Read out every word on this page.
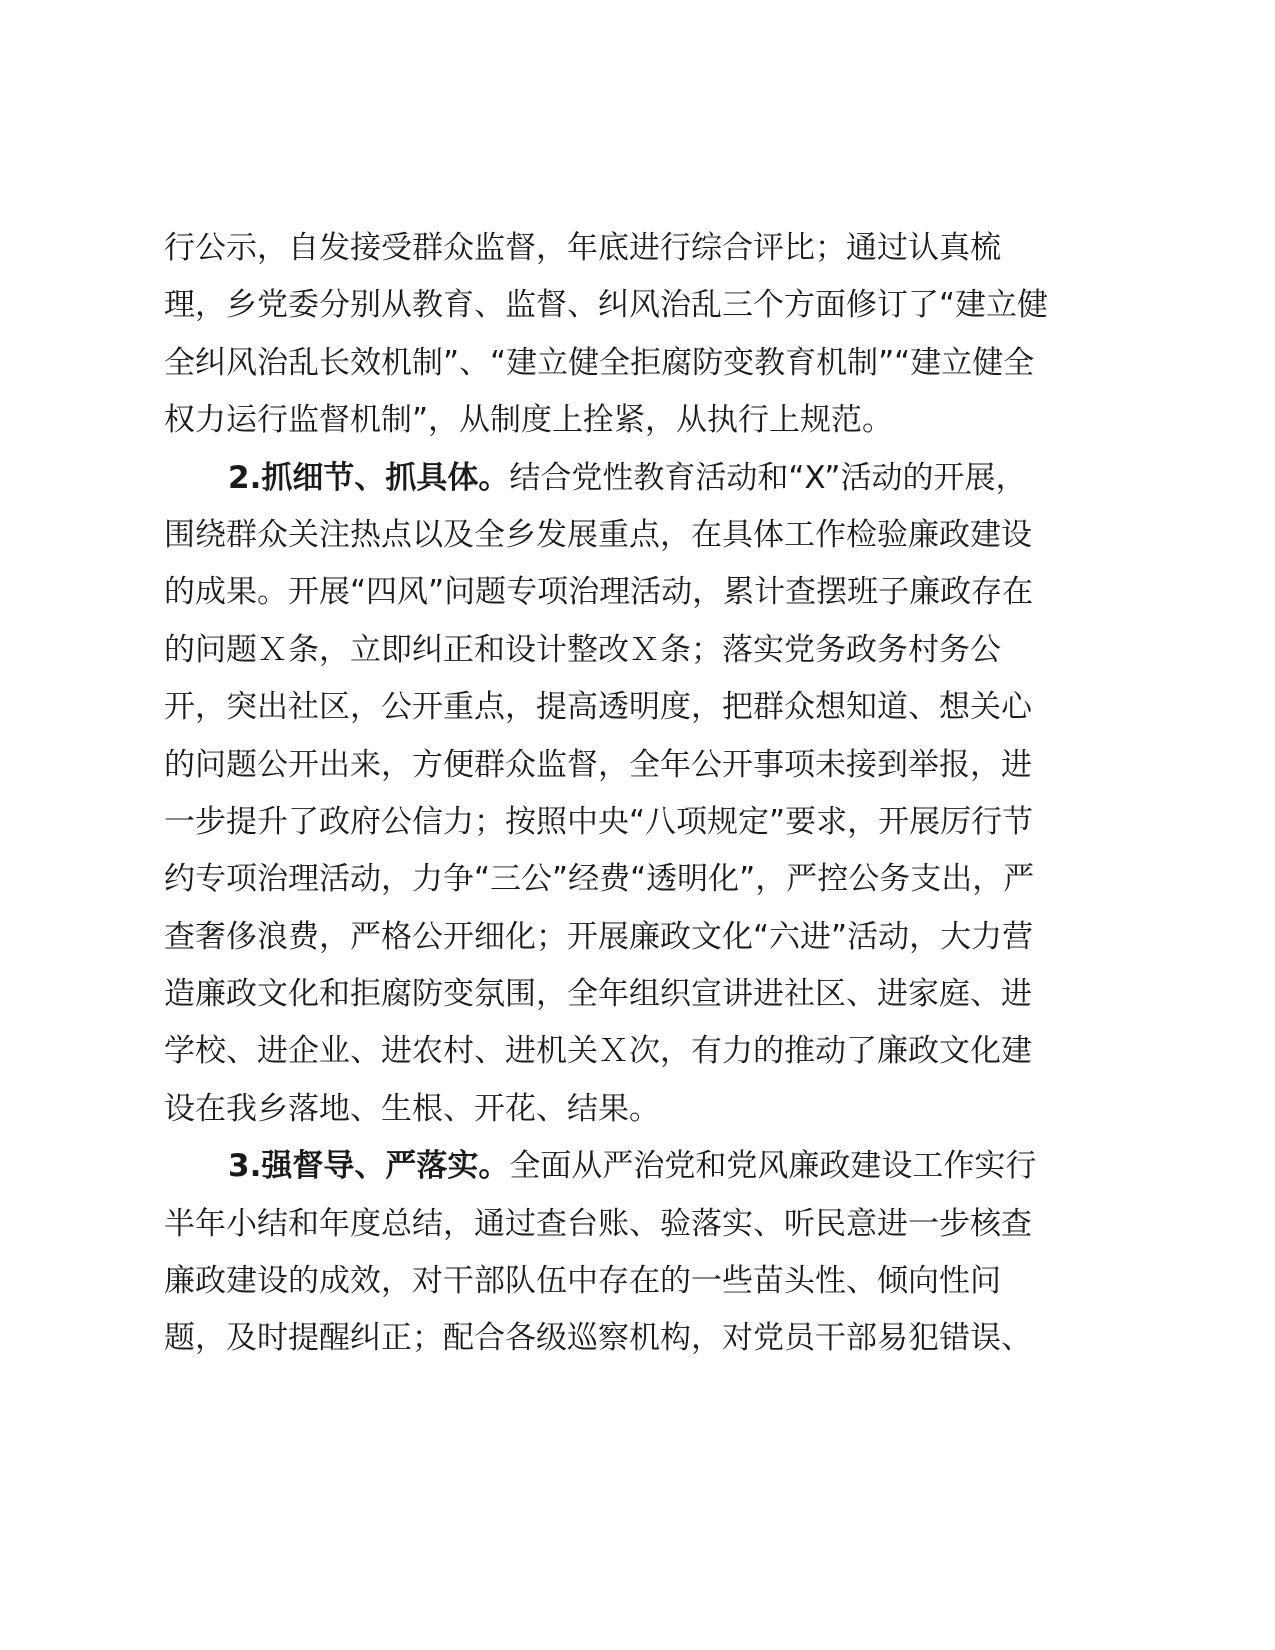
行公示，自发接受群众监督，年底进行综合评比；通过认真梳
理，乡党委分别从教育、监督、纠风治乱三个方面修订了“建立健
全纠风治乱长效机制”、“建立健全拒腐防变教育机制”“建立健全
权力运行监督机制”，从制度上拴紧，从执行上规范。
2.抓细节、抓具体。结合党性教育活动和“X”活动的开展，
围绕群众关注热点以及全乡发展重点，在具体工作检验廉政建设
的成果。开展“四风”问题专项治理活动，累计查摆班子廉政存在
的问题Ｘ条，立即纠正和设计整改Ｘ条；落实党务政务村务公
开，突出社区，公开重点，提高透明度，把群众想知道、想关心
的问题公开出来，方便群众监督，全年公开事项未接到举报，进
一步提升了政府公信力；按照中央“八项规定”要求，开展厉行节
约专项治理活动，力争“三公”经费“透明化”，严控公务支出，严
查奢侈浪费，严格公开细化；开展廉政文化“六进”活动，大力营
造廉政文化和拒腐防变氛围，全年组织宣讲进社区、进家庭、进
学校、进企业、进农村、进机关Ｘ次，有力的推动了廉政文化建
设在我乡落地、生根、开花、结果。
3.强督导、严落实。全面从严治党和党风廉政建设工作实行
半年小结和年度总结，通过查台账、验落实、听民意进一步核查
廉政建设的成效，对干部队伍中存在的一些苗头性、倾向性问
题，及时提醒纠正；配合各级巡察机构，对党员干部易犯错误、
